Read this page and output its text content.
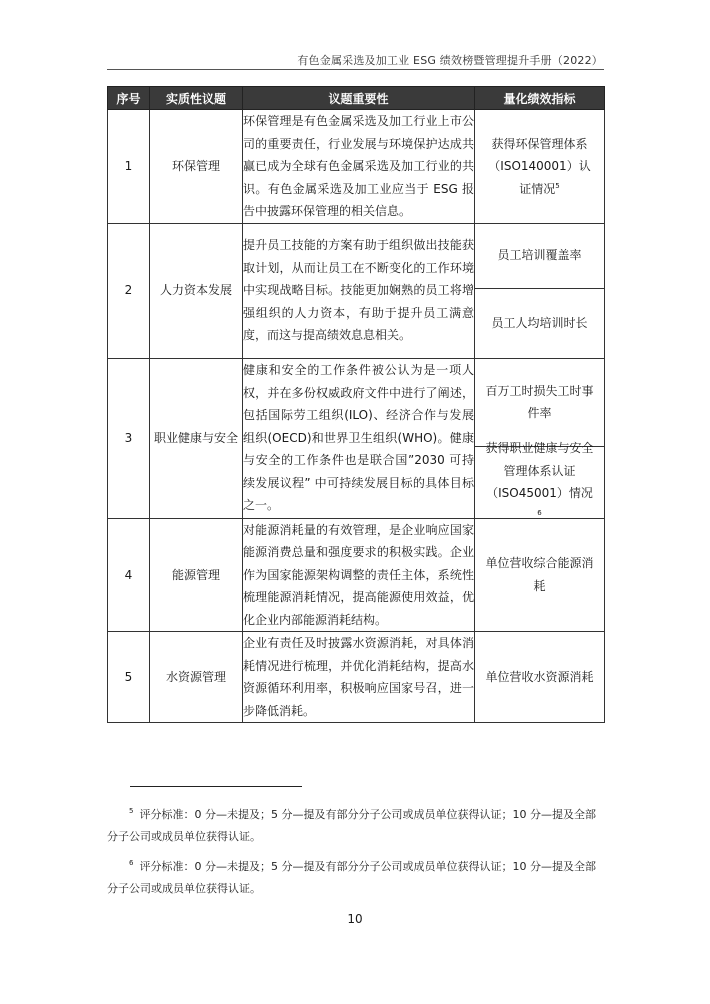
有色金属采选及加工业 ESG 绩效榜暨管理提升手册（2022）
序号	实质性议题	议题重要性	量化绩效指标
1	环保管理	环保管理是有色金属采选及加工行业上市公司的重要责任，行业发展与环境保护达成共赢已成为全球有色金属采选及加工行业的共识。有色金属采选及加工业应当于 ESG 报告中披露环保管理的相关信息。	获得环保管理体系（ISO140001）认证情况$^5$

2	人力资本发展	提升员工技能的方案有助于组织做出技能获取计划，从而让员工在不断变化的工作环境中实现战略目标。技能更加娴熟的员工将增强组织的人力资本，有助于提升员工满意度，而这与提高绩效息息相关。	员工培训覆盖率
员工人均培训时长

3	职业健康与安全	健康和安全的工作条件被公认为是一项人权，并在多份权威政府文件中进行了阐述，包括国际劳工组织(ILO)、经济合作与发展组织(OECD)和世界卫生组织(WHO)。健康与安全的工作条件也是联合国”2030 可持续发展议程” 中可持续发展目标的具体目标之一。	百万工时损失工时事件率
获得职业健康与安全管理体系认证（ISO45001）情况$^6$

4	能源管理	对能源消耗量的有效管理，是企业响应国家能源消费总量和强度要求的积极实践。企业作为国家能源架构调整的责任主体，系统性梳理能源消耗情况，提高能源使用效益，优化企业内部能源消耗结构。	单位营收综合能源消耗

5	水资源管理	企业有责任及时披露水资源消耗，对具体消耗情况进行梳理，并优化消耗结构，提高水资源循环利用率，积极响应国家号召，进一步降低消耗。	单位营收水资源消耗
$^5$ 评分标准：0 分—未提及；5 分—提及有部分分子公司或成员单位获得认证；10 分—提及全部分子公司或成员单位获得认证。
$^6$ 评分标准：0 分—未提及；5 分—提及有部分分子公司或成员单位获得认证；10 分—提及全部分子公司或成员单位获得认证。
10
